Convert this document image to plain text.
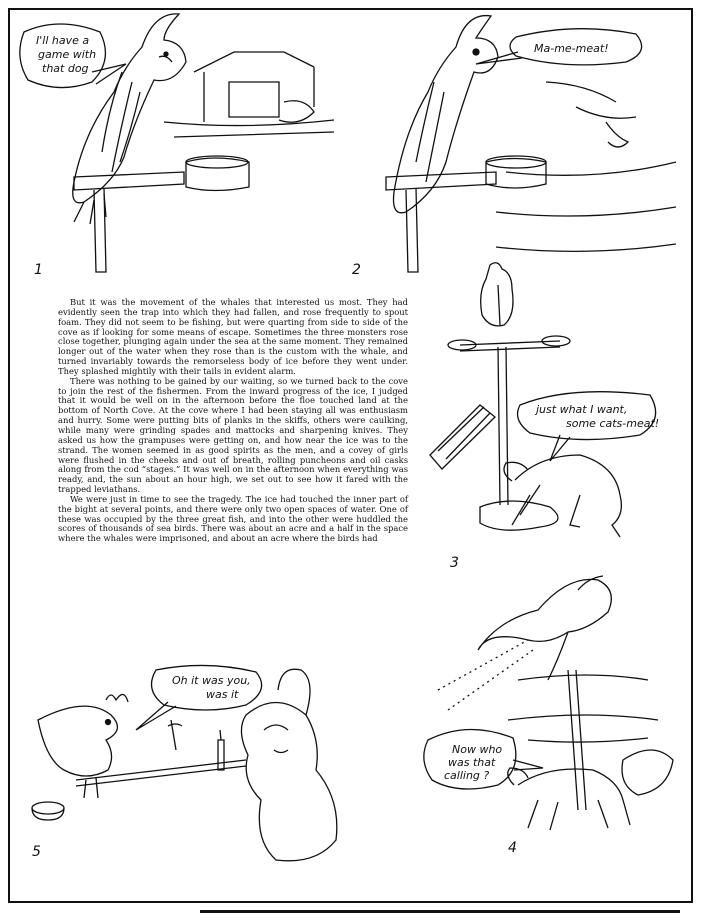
1
I'll have a
game with
that dog
2
Ma-me-meat!

But it was the movement of the whales that interested us most. They had evidently seen the trap into which they had fallen, and rose frequently to spout foam. They did not seem to be fishing, but were quarting from side to side of the cove as if looking for some means of escape. Sometimes the three monsters rose close together, plunging again under the sea at the same moment. They remained longer out of the water when they rose than is the custom with the whale, and turned invariably towards the remorseless body of ice before they went under. They splashed mightily with their tails in evident alarm.

There was nothing to be gained by our waiting, so we turned back to the cove to join the rest of the fishermen. From the inward progress of the ice, I judged that it would be well on in the afternoon before the floe touched land at the bottom of North Cove. At the cove where I had been staying all was enthusiasm and hurry. Some were putting bits of planks in the skiffs, others were caulking, while many were grinding spades and mattocks and sharpening knives. They asked us how the grampuses were getting on, and how near the ice was to the strand. The women seemed in as good spirits as the men, and a covey of girls were flushed in the cheeks and out of breath, rolling puncheons and oil casks along from the cod “stages.” It was well on in the afternoon when everything was ready, and, the sun about an hour high, we set out to see how it fared with the trapped leviathans.

We were just in time to see the tragedy. The ice had touched the inner part of the bight at several points, and there were only two open spaces of water. One of these was occupied by the three great fish, and into the other were huddled the scores of thousands of sea birds. There was about an acre and a half in the space where the whales were imprisoned, and about an acre where the birds had

3
just what I want,
some cats-meat!
4
Now who
was that
calling ?
5
Oh it was you,
was it
